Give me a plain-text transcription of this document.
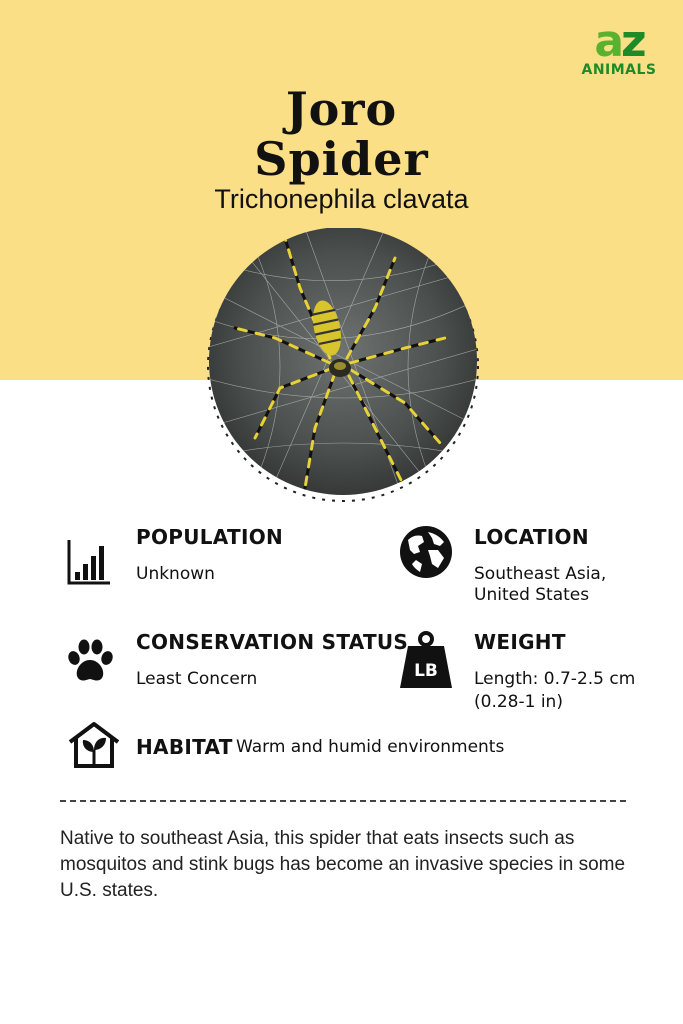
az
ANIMALS
Joro
Spider
Trichonephila clavata
POPULATION
Unknown
LOCATION
Southeast Asia,
United States
CONSERVATION STATUS
Least Concern	LB
WEIGHT
Length: 0.7-2.5 cm
(0.28-1 in)
HABITAT Warm and humid environments
Native to southeast Asia, this spider that eats insects such as mosquitos and stink bugs has become an invasive species in some U.S. states.
